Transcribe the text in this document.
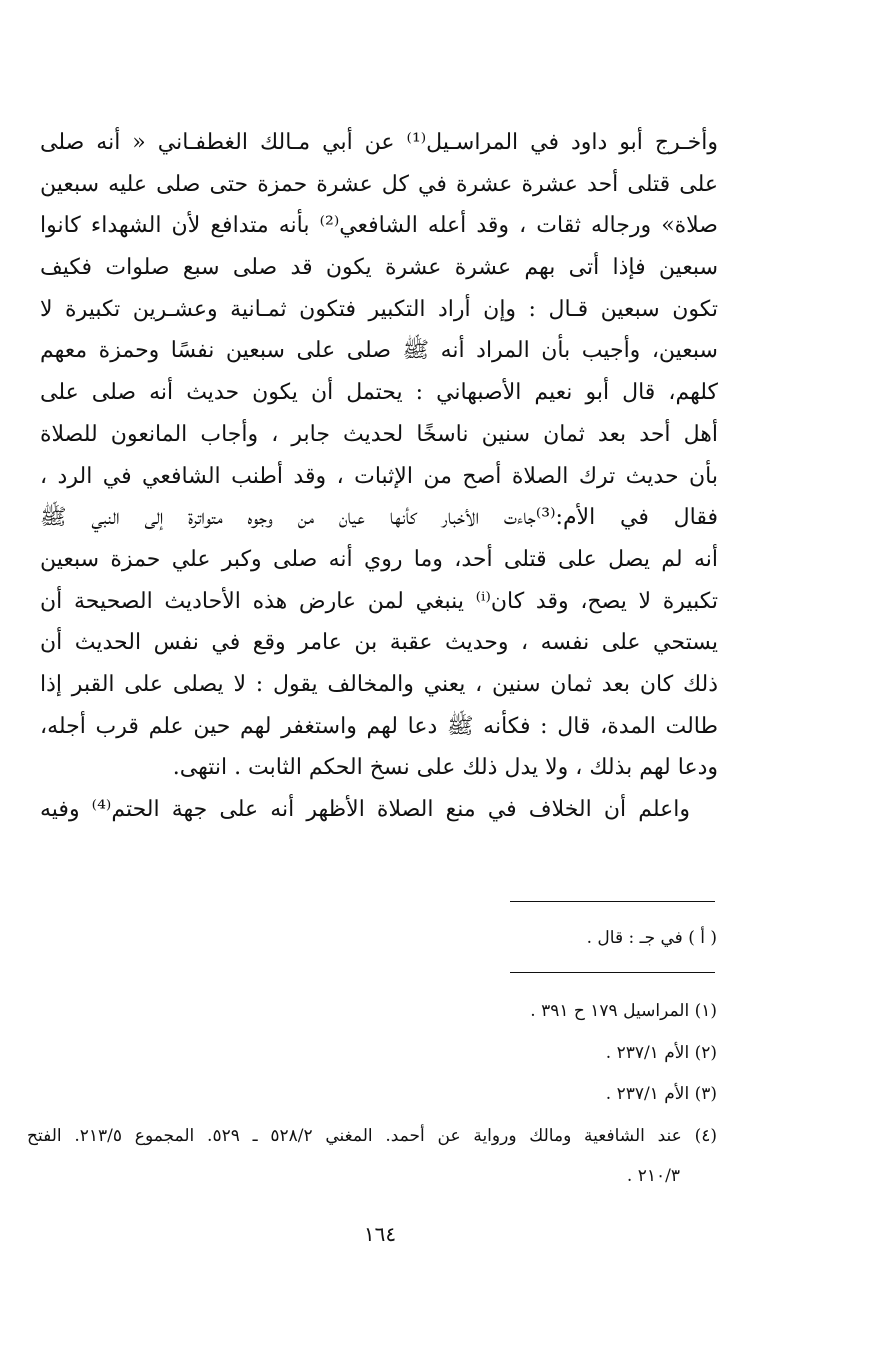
وأخـرج أبو داود في المراسـيل⁽¹⁾ عن أبي مـالك الغطفـاني « أنه صلى
على قتلى أحد عشرة عشرة في كل عشرة حمزة حتى صلى عليه سبعين
صلاة» ورجاله ثقات ، وقد أعله الشافعي⁽²⁾ بأنه متدافع لأن الشهداء كانوا
سبعين فإذا أتى بهم عشرة عشرة يكون قد صلى سبع صلوات فكيف
تكون سبعين قـال : وإن أراد التكبير فتكون ثمـانية وعشـرين تكبيرة لا
سبعين، وأجيب بأن المراد أنه ﷺ صلى على سبعين نفسًا وحمزة معهم
كلهم، قال أبو نعيم الأصبهاني : يحتمل أن يكون حديث أنه صلى على
أهل أحد بعد ثمان سنين ناسخًا لحديث جابر ، وأجاب المانعون للصلاة
بأن حديث ترك الصلاة أصح من الإثبات ، وقد أطنب الشافعي في الرد ،
فقال في الأم:⁽³⁾جاءت الأخبار كأنها عيان من وجوه متواترة إلى النبي ﷺ
أنه لم يصل على قتلى أحد، وما روي أنه صلى وكبر علي حمزة سبعين
تكبيرة لا يصح، وقد كان⁽ⁱ⁾ ينبغي لمن عارض هذه الأحاديث الصحيحة أن
يستحي على نفسه ، وحديث عقبة بن عامر وقع في نفس الحديث أن
ذلك كان بعد ثمان سنين ، يعني والمخالف يقول : لا يصلى على القبر إذا
طالت المدة، قال : فكأنه ﷺ دعا لهم واستغفر لهم حين علم قرب أجله،
ودعا لهم بذلك ، ولا يدل ذلك على نسخ الحكم الثابت . انتهى.
واعلم أن الخلاف في منع الصلاة الأظهر أنه على جهة الحتم⁽⁴⁾ وفيه
( أ ) في جـ : قال .
(١) المراسيل ١٧٩ ح ٣٩١ .
(٢) الأم ٢٣٧/١ .
(٣) الأم ٢٣٧/١ .
(٤) عند الشافعية ومالك ورواية عن أحمد. المغني ٥٢٨/٢ ـ ٥٢٩. المجموع ٢١٣/٥. الفتح
٢١٠/٣ .
١٦٤
